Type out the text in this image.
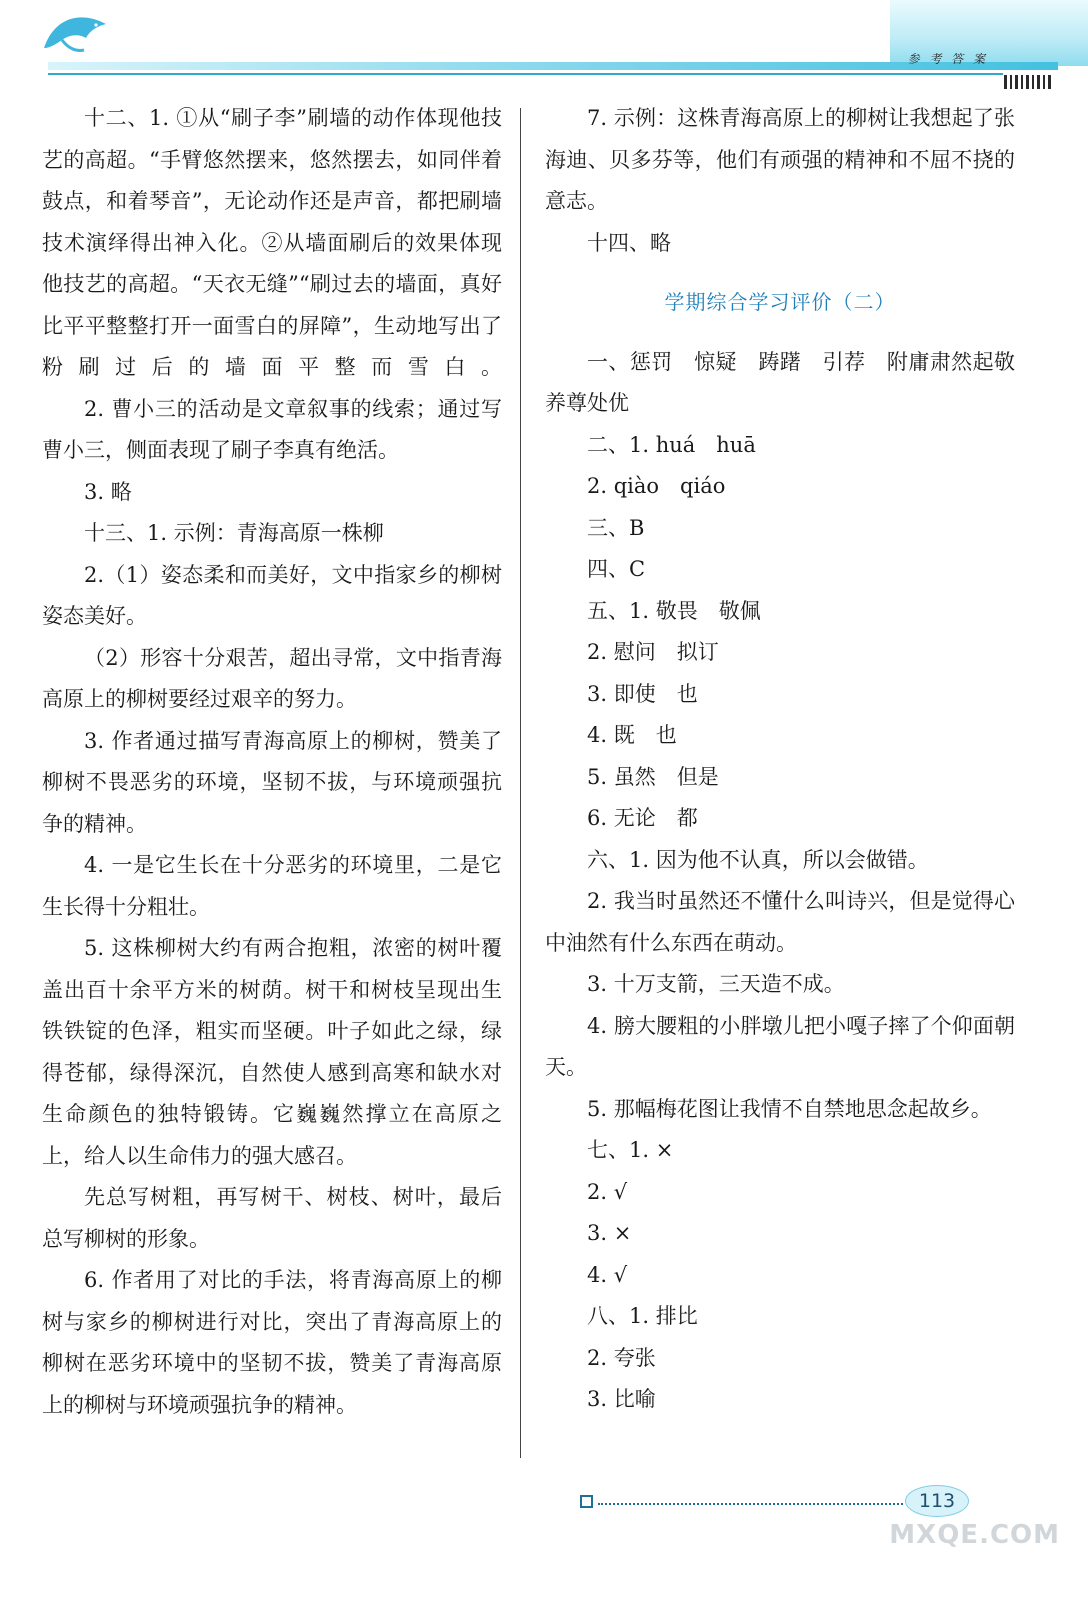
参 考 答 案

十二、1. ①从“刷子李”刷墙的动作体现他技艺的高超。“手臂悠然摆来，悠然摆去，如同伴着鼓点，和着琴音”，无论动作还是声音，都把刷墙技术演绎得出神入化。②从墙面刷后的效果体现他技艺的高超。“天衣无缝”“刷过去的墙面，真好比平平整整打开一面雪白的屏障”，生动地写出了粉刷过后的墙面平整而雪白。

2. 曹小三的活动是文章叙事的线索；通过写曹小三，侧面表现了刷子李真有绝活。

3. 略

十三、1. 示例：青海高原一株柳

2.（1）姿态柔和而美好，文中指家乡的柳树姿态美好。

（2）形容十分艰苦，超出寻常，文中指青海高原上的柳树要经过艰辛的努力。

3. 作者通过描写青海高原上的柳树，赞美了柳树不畏恶劣的环境，坚韧不拔，与环境顽强抗争的精神。

4. 一是它生长在十分恶劣的环境里，二是它生长得十分粗壮。

5. 这株柳树大约有两合抱粗，浓密的树叶覆盖出百十余平方米的树荫。树干和树枝呈现出生铁铁锭的色泽，粗实而坚硬。叶子如此之绿，绿得苍郁，绿得深沉，自然使人感到高寒和缺水对生命颜色的独特锻铸。它巍巍然撑立在高原之上，给人以生命伟力的强大感召。

先总写树粗，再写树干、树枝、树叶，最后总写柳树的形象。

6. 作者用了对比的手法，将青海高原上的柳树与家乡的柳树进行对比，突出了青海高原上的柳树在恶劣环境中的坚韧不拔，赞美了青海高原上的柳树与环境顽强抗争的精神。

7. 示例：这株青海高原上的柳树让我想起了张海迪、贝多芬等，他们有顽强的精神和不屈不挠的意志。

十四、略

学期综合学习评价（二）

一、惩罚　惊疑　踌躇　引荐　附庸肃然起敬　养尊处优

二、1. huá　huā

2. qiào　qiáo

三、B

四、C

五、1. 敬畏　敬佩

2. 慰问　拟订

3. 即使　也

4. 既　也

5. 虽然　但是

6. 无论　都

六、1. 因为他不认真，所以会做错。

2. 我当时虽然还不懂什么叫诗兴，但是觉得心中油然有什么东西在萌动。

3. 十万支箭，三天造不成。

4. 膀大腰粗的小胖墩儿把小嘎子摔了个仰面朝天。

5. 那幅梅花图让我情不自禁地思念起故乡。

七、1. ×

2. √

3. ×

4. √

八、1. 排比

2. 夸张

3. 比喻

113
MXQE.COM
